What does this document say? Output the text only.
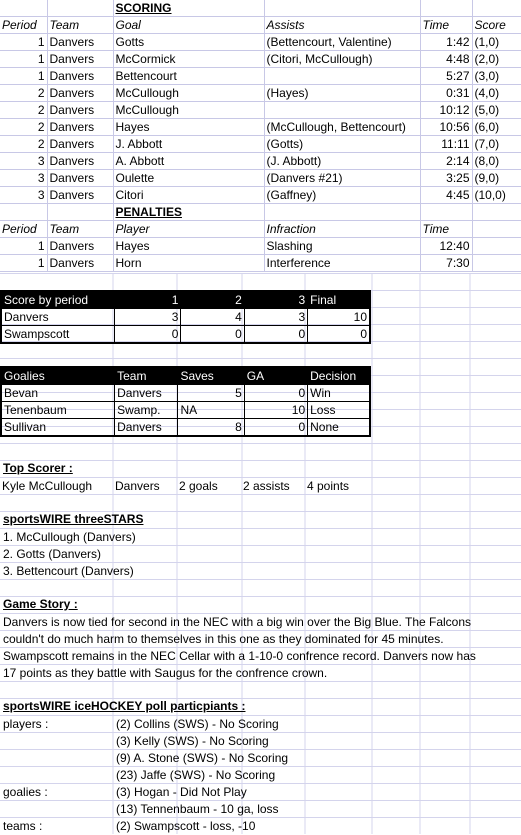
		SCORING			
Period	Team	Goal	Assists	Time	Score
1	Danvers	Gotts	(Bettencourt, Valentine)	1:42	(1,0)
1	Danvers	McCormick	(Citori, McCullough)	4:48	(2,0)
1	Danvers	Bettencourt		5:27	(3,0)
2	Danvers	McCullough	(Hayes)	0:31	(4,0)
2	Danvers	McCullough		10:12	(5,0)
2	Danvers	Hayes	(McCullough, Bettencourt)	10:56	(6,0)
2	Danvers	J. Abbott	(Gotts)	11:11	(7,0)
3	Danvers	A. Abbott	(J. Abbott)	2:14	(8,0)
3	Danvers	Oulette	(Danvers #21)	3:25	(9,0)
3	Danvers	Citori	(Gaffney)	4:45	(10,0)
		PENALTIES			
Period	Team	Player	Infraction	Time	
1	Danvers	Hayes	Slashing	12:40	
1	Danvers	Horn	Interference	7:30	
Score by period	1	2	3	Final
Danvers	3	4	3	10
Swampscott	0	0	0	0
Goalies	Team	Saves	GA	Decision
Bevan	Danvers	5	0	Win
Tenenbaum	Swamp.	NA	10	Loss
Sullivan	Danvers	8	0	None
Top Scorer :
Kyle McCullough	Danvers	2 goals	2 assists	4 points
sportsWIRE threeSTARS
1. McCullough (Danvers)
2. Gotts (Danvers)
3. Bettencourt (Danvers)
Game Story :
Danvers is now tied for second in the NEC with a big win over the Big Blue. The Falcons
couldn't do much harm to themselves in this one as they dominated for 45 minutes.
Swampscott remains in the NEC Cellar with a 1-10-0 confrence record. Danvers now has
17 points as they battle with Saugus for the confrence crown.
sportsWIRE iceHOCKEY poll particpiants :
players :	(2) Collins (SWS) - No Scoring
(3) Kelly (SWS) - No Scoring
(9) A. Stone (SWS) - No Scoring
(23) Jaffe (SWS) - No Scoring
goalies :	(3) Hogan - Did Not Play
(13) Tennenbaum - 10 ga, loss
teams :	(2) Swampscott - loss, -10
